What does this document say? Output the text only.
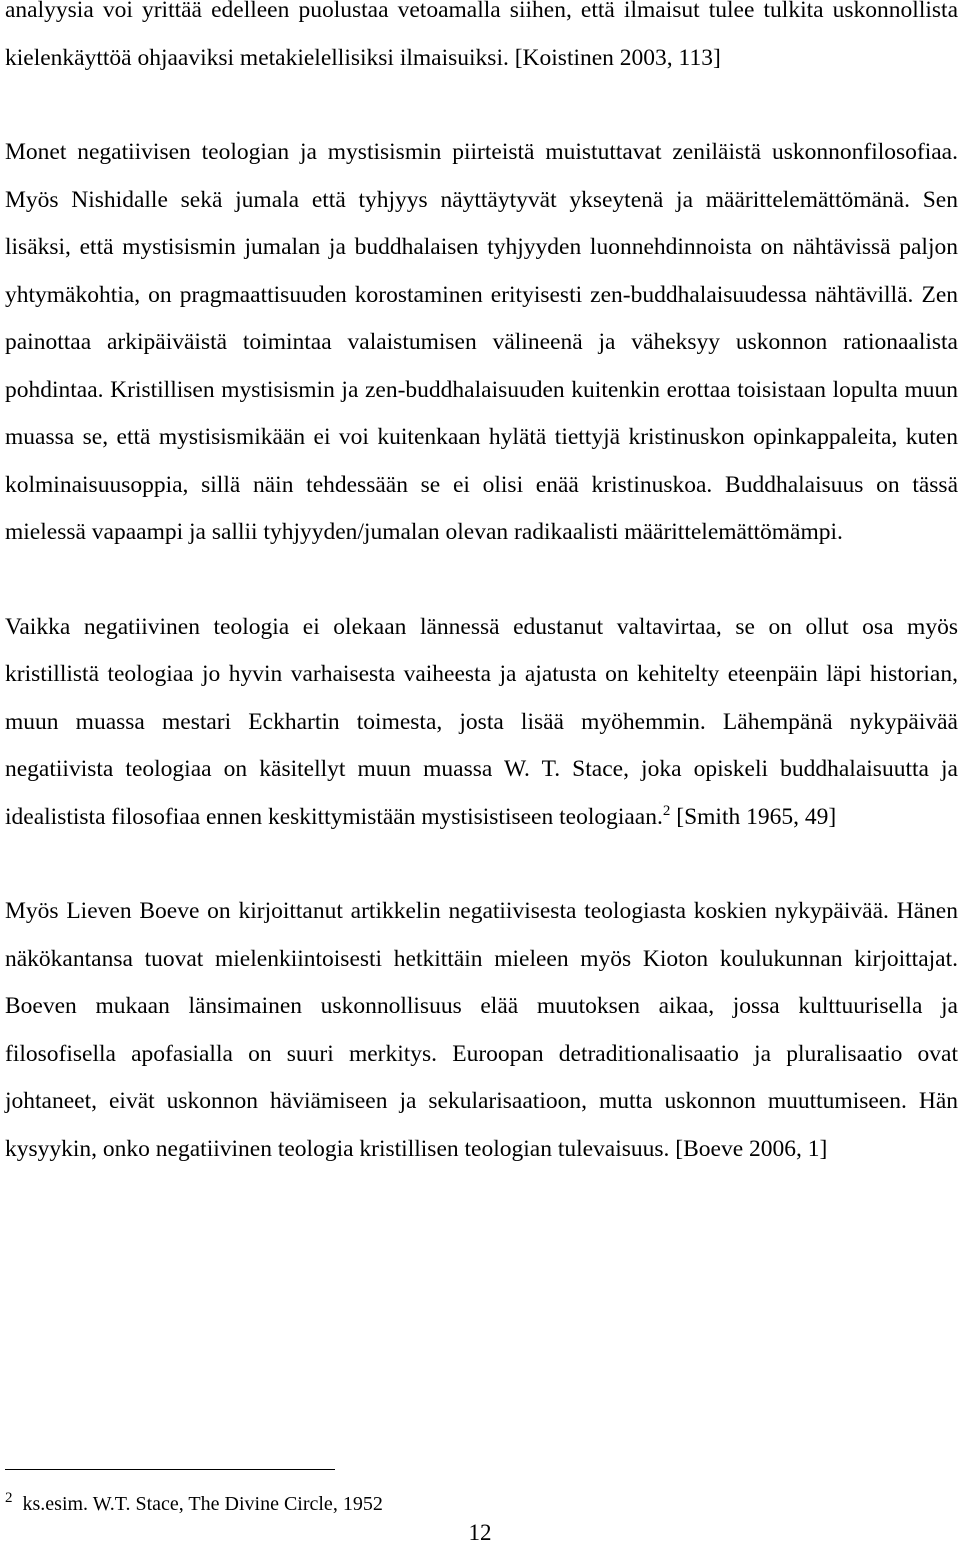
analyysia voi yrittää edelleen puolustaa vetoamalla siihen, että ilmaisut tulee tulkita uskonnollista kielenkäyttöä ohjaaviksi metakielellisiksi ilmaisuiksi. [Koistinen 2003, 113]

Monet negatiivisen teologian ja mystisismin piirteistä muistuttavat zeniläistä uskonnonfilosofiaa. Myös Nishidalle sekä jumala että tyhjyys näyttäytyvät ykseytenä ja määrittelemättömänä. Sen lisäksi, että mystisismin jumalan ja buddhalaisen tyhjyyden luonnehdinnoista on nähtävissä paljon yhtymäkohtia, on pragmaattisuuden korostaminen erityisesti zen-buddhalaisuudessa nähtävillä. Zen painottaa arkipäiväistä toimintaa valaistumisen välineenä ja väheksyy uskonnon rationaalista pohdintaa. Kristillisen mystisismin ja zen-buddhalaisuuden kuitenkin erottaa toisistaan lopulta muun muassa se, että mystisismikään ei voi kuitenkaan hylätä tiettyjä kristinuskon opinkappaleita, kuten kolminaisuusoppia, sillä näin tehdessään se ei olisi enää kristinuskoa. Buddhalaisuus on tässä mielessä vapaampi ja sallii tyhjyyden/jumalan olevan radikaalisti määrittelemättömämpi.

Vaikka negatiivinen teologia ei olekaan lännessä edustanut valtavirtaa, se on ollut osa myös kristillistä teologiaa jo hyvin varhaisesta vaiheesta ja ajatusta on kehitelty eteenpäin läpi historian, muun muassa mestari Eckhartin toimesta, josta lisää myöhemmin. Lähempänä nykypäivää negatiivista teologiaa on käsitellyt muun muassa W. T. Stace, joka opiskeli buddhalaisuutta ja idealistista filosofiaa ennen keskittymistään mystisistiseen teologiaan.$^2$ [Smith 1965, 49]

Myös Lieven Boeve on kirjoittanut artikkelin negatiivisesta teologiasta koskien nykypäivää. Hänen näkökantansa tuovat mielenkiintoisesti hetkittäin mieleen myös Kioton koulukunnan kirjoittajat. Boeven mukaan länsimainen uskonnollisuus elää muutoksen aikaa, jossa kulttuurisella ja filosofisella apofasialla on suuri merkitys. Euroopan detraditionalisaatio ja pluralisaatio ovat johtaneet, eivät uskonnon häviämiseen ja sekularisaatioon, mutta uskonnon muuttumiseen. Hän kysyykin, onko negatiivinen teologia kristillisen teologian tulevaisuus. [Boeve 2006, 1]

$^2$ ks.esim. W.T. Stace, The Divine Circle, 1952
12
